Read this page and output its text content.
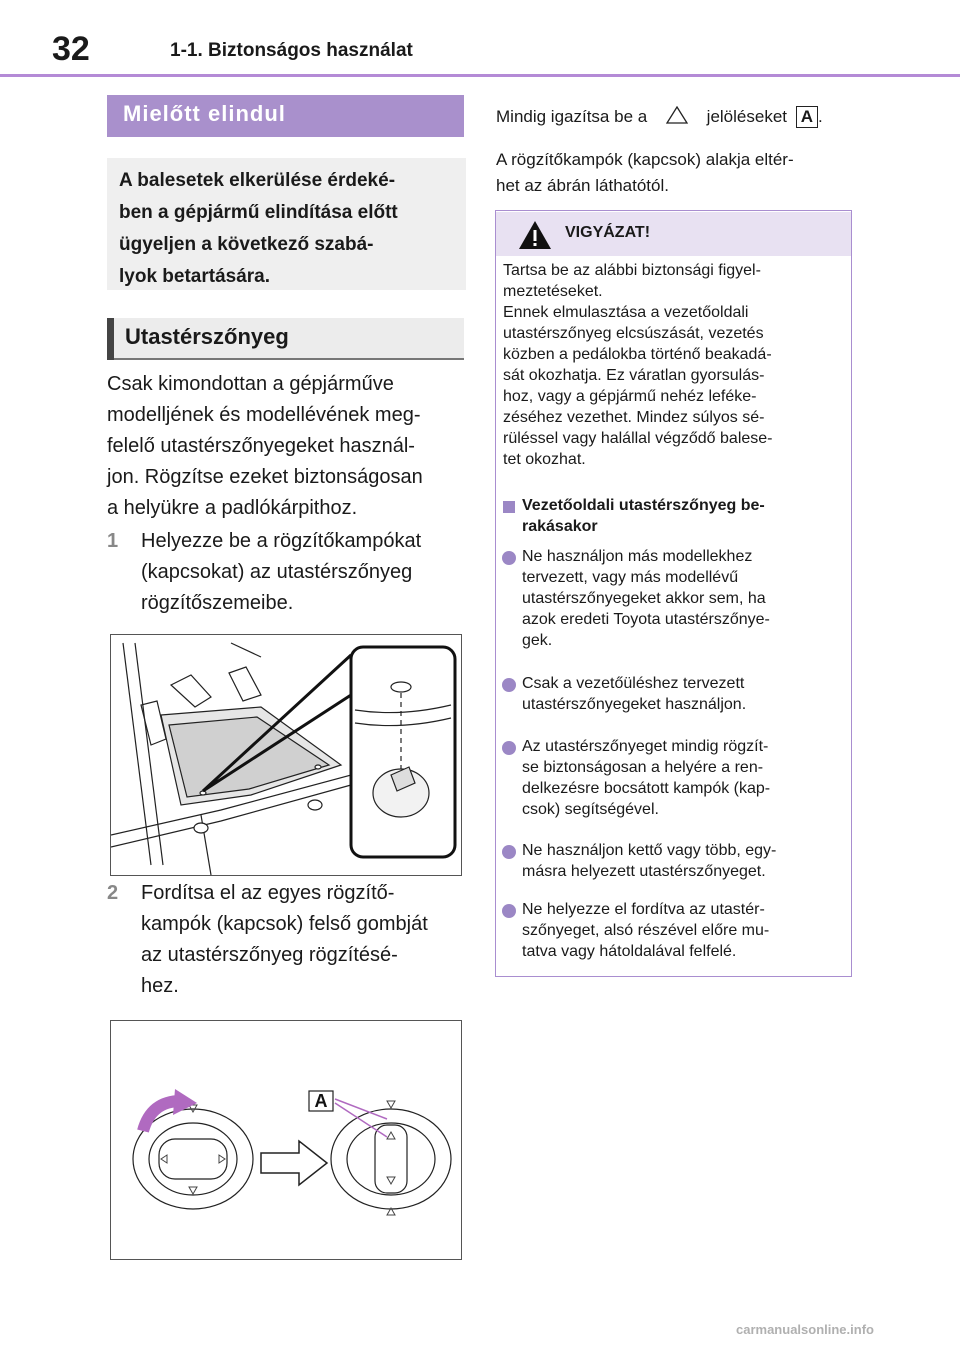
32	1-1. Biztonságos használat
Mielőtt elindul
A balesetek elkerülése érdeké-
ben a gépjármű elindítása előtt
ügyeljen a következő szabá-
lyok betartására.
Utastérszőnyeg
Csak kimondottan a gépjárműve
modelljének és modellévének meg-
felelő utastérszőnyegeket használ-
jon. Rögzítse ezeket biztonságosan
a helyükre a padlókárpithoz.
1 Helyezze be a rögzítőkampókat
(kapcsokat) az utastérszőnyeg
rögzítőszemeibe.
2 Fordítsa el az egyes rögzítő-
kampók (kapcsok) felső gombját
az utastérszőnyeg rögzítésé-
hez.
A
Mindig igazítsa be a	jelöléseket A .
A rögzítőkampók (kapcsok) alakja eltér-
het az ábrán láthatótól.
VIGYÁZAT!
Tartsa be az alábbi biztonsági figyel-
meztetéseket.
Ennek elmulasztása a vezetőoldali
utastérszőnyeg elcsúszását, vezetés
közben a pedálokba történő beakadá-
sát okozhatja. Ez váratlan gyorsulás-
hoz, vagy a gépjármű nehéz leféke-
zéséhez vezethet. Mindez súlyos sé-
rüléssel vagy halállal végződő balese-
tet okozhat.
Vezetőoldali utastérszőnyeg be-
rakásakor
Ne használjon más modellekhez
tervezett, vagy más modellévű
utastérszőnyegeket akkor sem, ha
azok eredeti Toyota utastérszőnye-
gek.
Csak a vezetőüléshez tervezett
utastérszőnyegeket használjon.
Az utastérszőnyeget mindig rögzít-
se biztonságosan a helyére a ren-
delkezésre bocsátott kampók (kap-
csok) segítségével.
Ne használjon kettő vagy több, egy-
másra helyezett utastérszőnyeget.
Ne helyezze el fordítva az utastér-
szőnyeget, alsó részével előre mu-
tatva vagy hátoldalával felfelé.
carmanualsonline.info
